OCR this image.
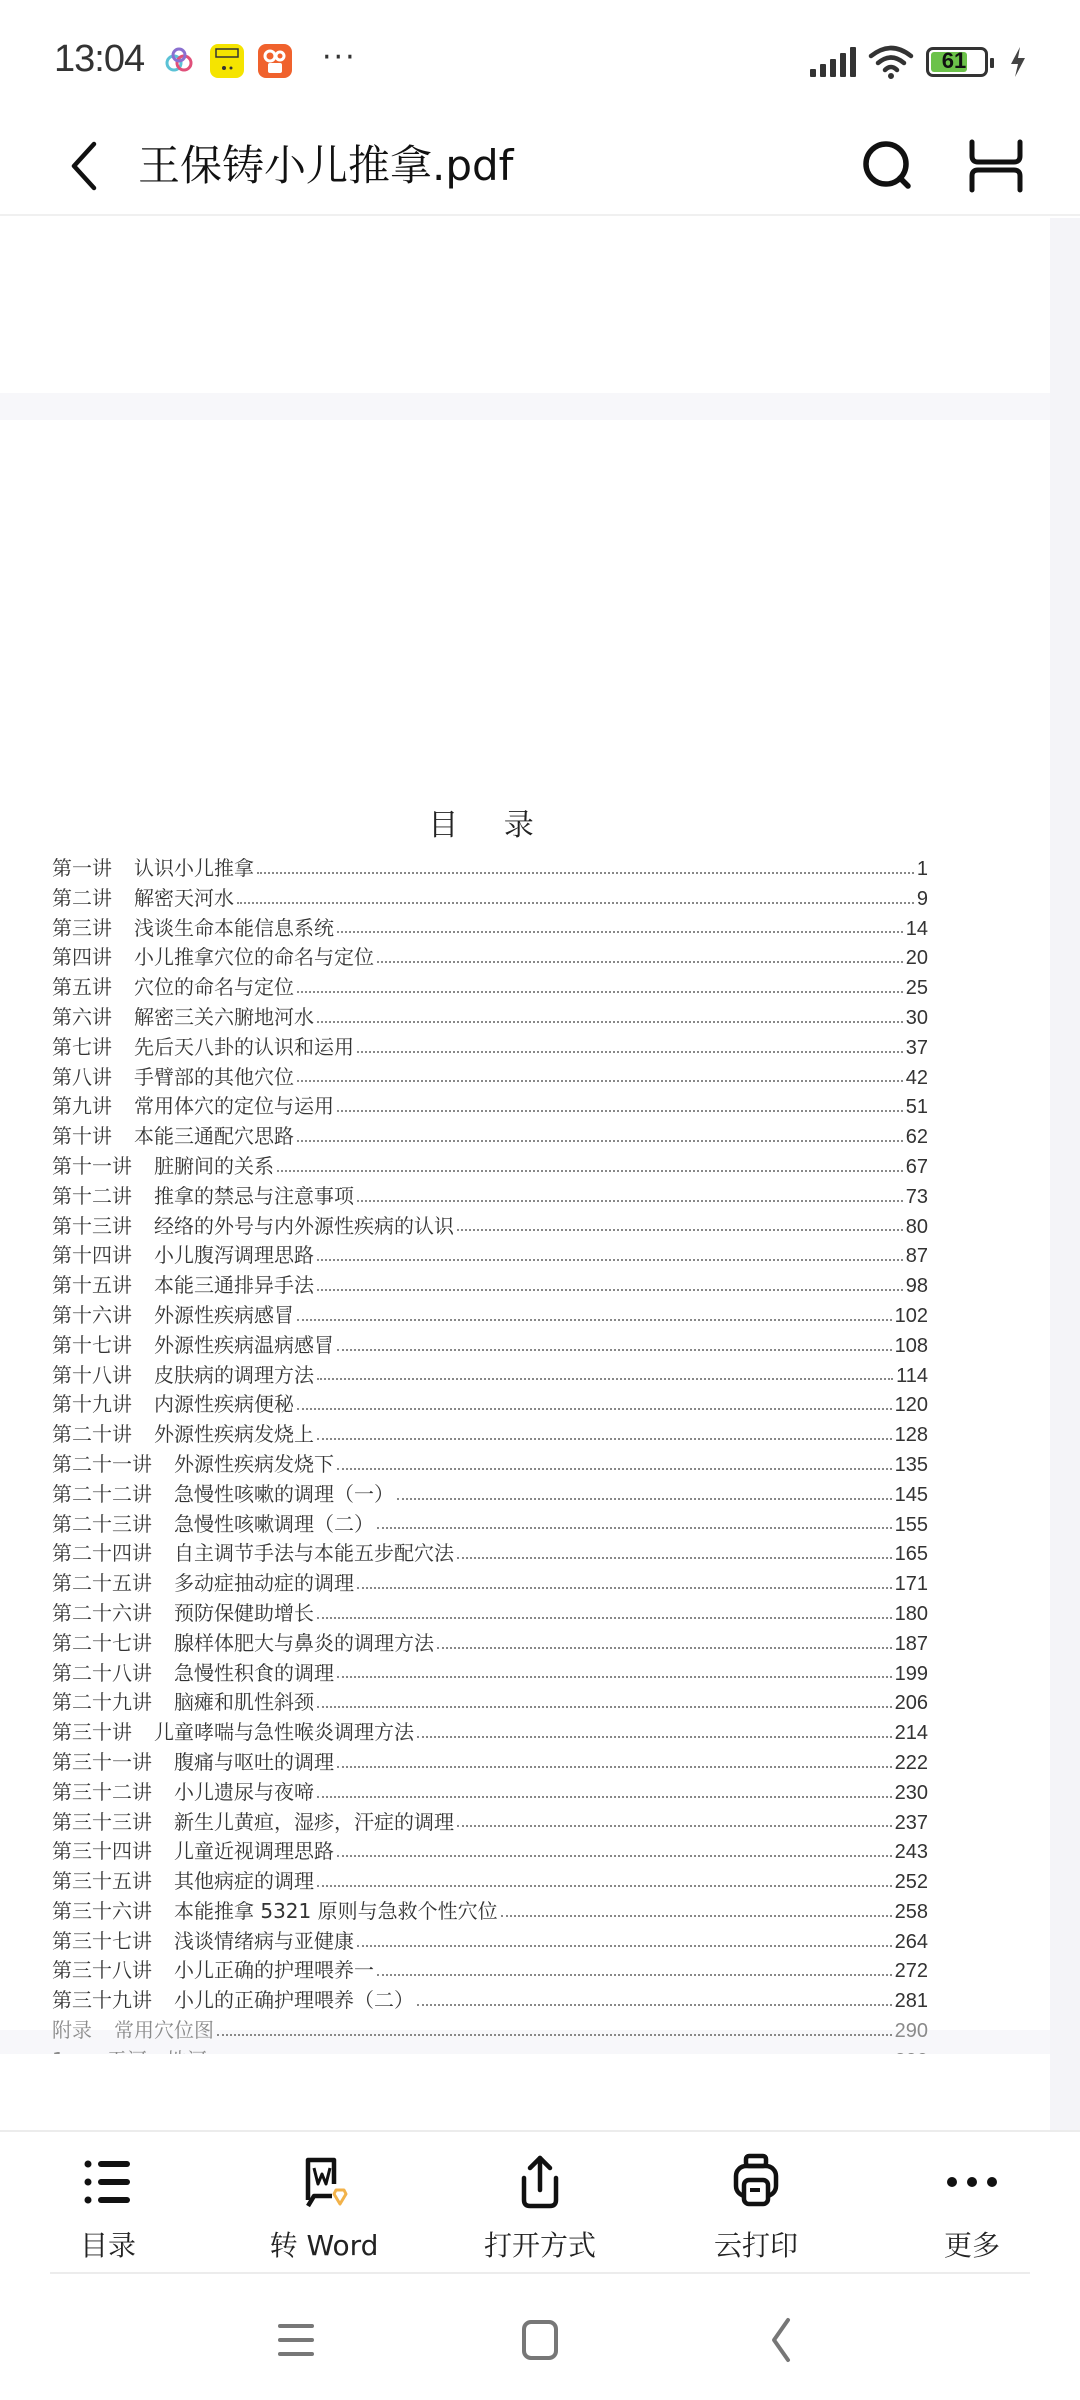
13:04	···	61
王保铸小儿推拿.pdf
目 录
第一讲 认识小儿推拿	1
第二讲 解密天河水	9
第三讲 浅谈生命本能信息系统	14
第四讲 小儿推拿穴位的命名与定位	20
第五讲 穴位的命名与定位	25
第六讲 解密三关六腑地河水	30
第七讲 先后天八卦的认识和运用	37
第八讲 手臂部的其他穴位	42
第九讲 常用体穴的定位与运用	51
第十讲 本能三通配穴思路	62
第十一讲 脏腑间的关系	67
第十二讲 推拿的禁忌与注意事项	73
第十三讲 经络的外号与内外源性疾病的认识	80
第十四讲 小儿腹泻调理思路	87
第十五讲 本能三通排异手法	98
第十六讲 外源性疾病感冒	102
第十七讲 外源性疾病温病感冒	108
第十八讲 皮肤病的调理方法	114
第十九讲 内源性疾病便秘	120
第二十讲 外源性疾病发烧上	128
第二十一讲 外源性疾病发烧下	135
第二十二讲 急慢性咳嗽的调理（一）	145
第二十三讲 急慢性咳嗽调理（二）	155
第二十四讲 自主调节手法与本能五步配穴法	165
第二十五讲 多动症抽动症的调理	171
第二十六讲 预防保健助增长	180
第二十七讲 腺样体肥大与鼻炎的调理方法	187
第二十八讲 急慢性积食的调理	199
第二十九讲 脑瘫和肌性斜颈	206
第三十讲 儿童哮喘与急性喉炎调理方法	214
第三十一讲 腹痛与呕吐的调理	222
第三十二讲 小儿遗尿与夜啼	230
第三十三讲 新生儿黄疸，湿疹，汗症的调理	237
第三十四讲 儿童近视调理思路	243
第三十五讲 其他病症的调理	252
第三十六讲 本能推拿 5321 原则与急救个性穴位	258
第三十七讲 浅谈情绪病与亚健康	264
第三十八讲 小儿正确的护理喂养一	272
第三十九讲 小儿的正确护理喂养（二）	281
附录 常用穴位图	290
目录	转 Word	打开方式	云打印	更多
